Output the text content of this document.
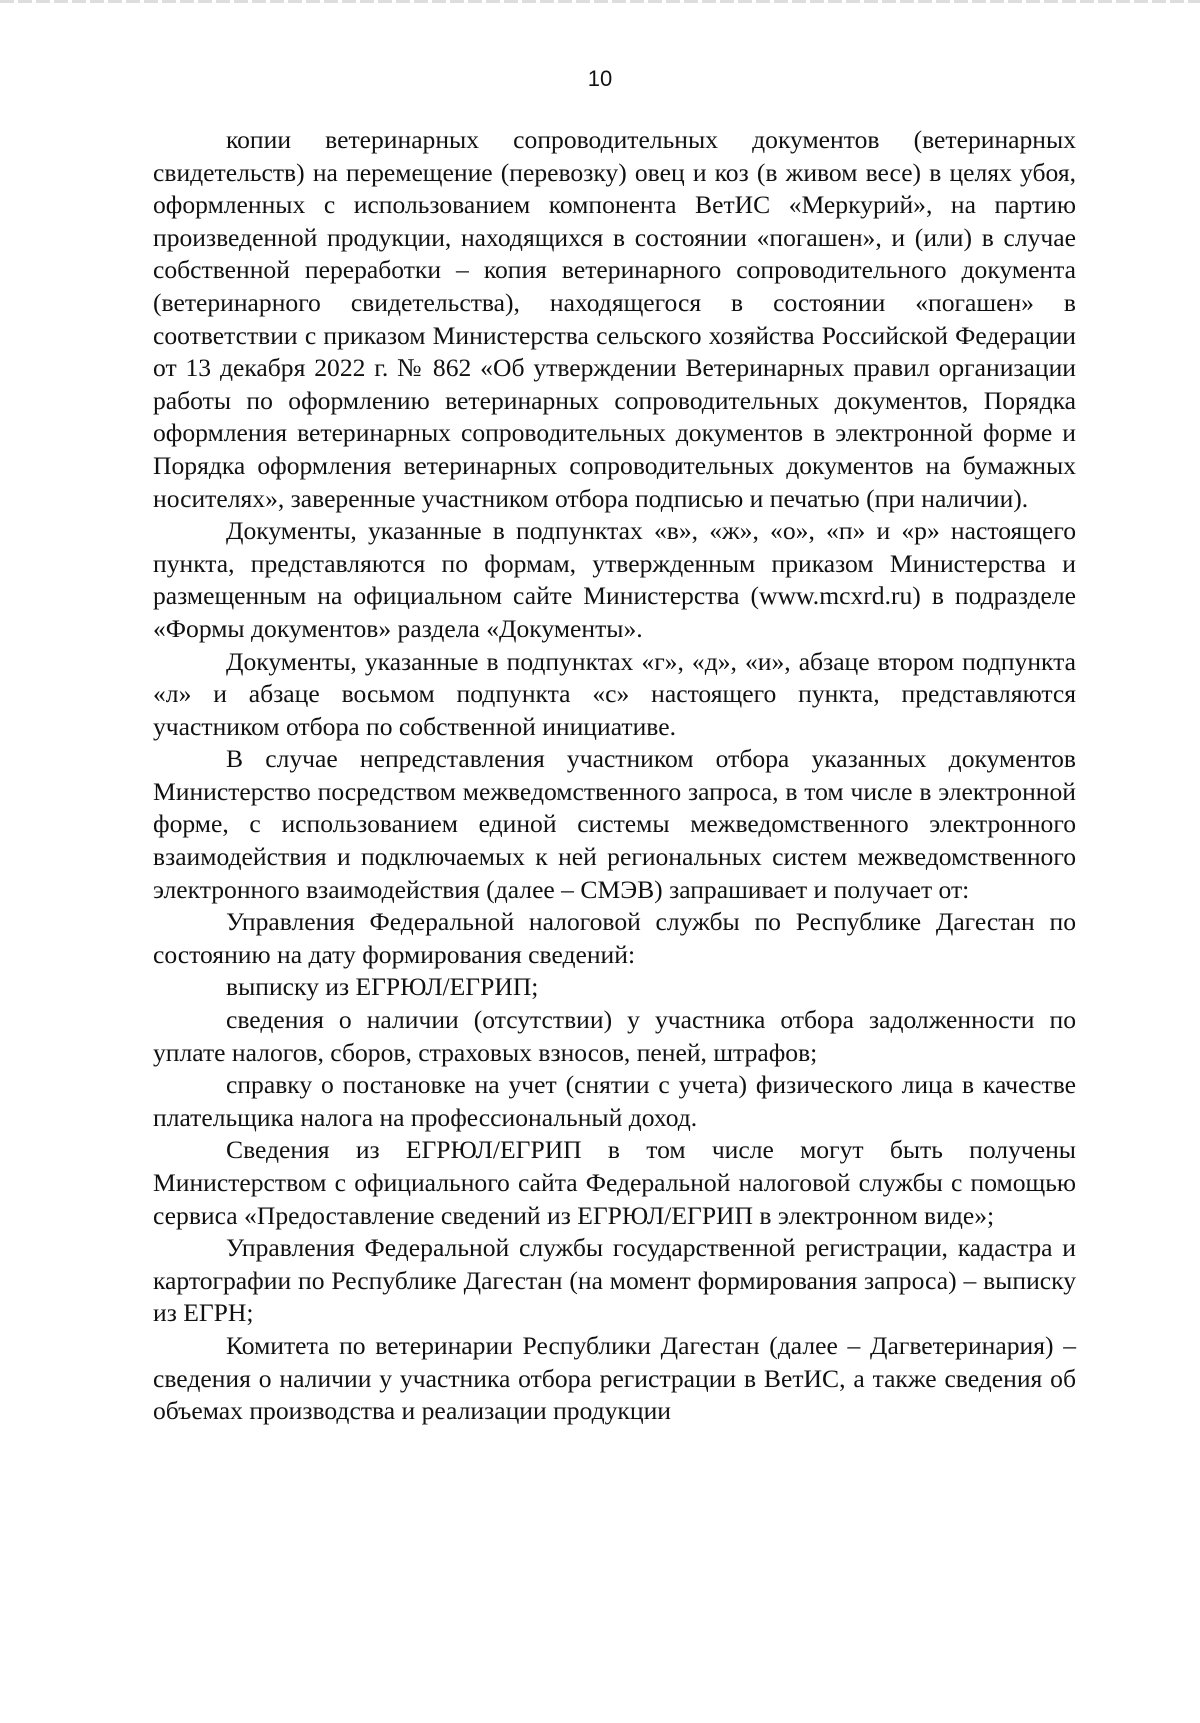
10

копии ветеринарных сопроводительных документов (ветеринарных свидетельств) на перемещение (перевозку) овец и коз (в живом весе) в целях убоя, оформленных с использованием компонента ВетИС «Меркурий», на партию произведенной продукции, находящихся в состоянии «погашен», и (или) в случае собственной переработки – копия ветеринарного сопроводительного документа (ветеринарного свидетельства), находящегося в состоянии «погашен» в соответствии с приказом Министерства сельского хозяйства Российской Федерации от 13 декабря 2022 г. № 862 «Об утверждении Ветеринарных правил организации работы по оформлению ветеринарных сопроводительных документов, Порядка оформления ветеринарных сопроводительных документов в электронной форме и Порядка оформления ветеринарных сопроводительных документов на бумажных носителях», заверенные участником отбора подписью и печатью (при наличии).

Документы, указанные в подпунктах «в», «ж», «о», «п» и «р» настоящего пункта, представляются по формам, утвержденным приказом Министерства и размещенным на официальном сайте Министерства (www.mcxrd.ru) в подразделе «Формы документов» раздела «Документы».

Документы, указанные в подпунктах «г», «д», «и», абзаце втором подпункта «л» и абзаце восьмом подпункта «с» настоящего пункта, представляются участником отбора по собственной инициативе.

В случае непредставления участником отбора указанных документов Министерство посредством межведомственного запроса, в том числе в электронной форме, с использованием единой системы межведомственного электронного взаимодействия и подключаемых к ней региональных систем межведомственного электронного взаимодействия (далее – СМЭВ) запрашивает и получает от:

Управления Федеральной налоговой службы по Республике Дагестан по состоянию на дату формирования сведений:

выписку из ЕГРЮЛ/ЕГРИП;

сведения о наличии (отсутствии) у участника отбора задолженности по уплате налогов, сборов, страховых взносов, пеней, штрафов;

справку о постановке на учет (снятии с учета) физического лица в качестве плательщика налога на профессиональный доход.

Сведения из ЕГРЮЛ/ЕГРИП в том числе могут быть получены Министерством с официального сайта Федеральной налоговой службы с помощью сервиса «Предоставление сведений из ЕГРЮЛ/ЕГРИП в электронном виде»;

Управления Федеральной службы государственной регистрации, кадастра и картографии по Республике Дагестан (на момент формирования запроса) – выписку из ЕГРН;

Комитета по ветеринарии Республики Дагестан (далее – Дагветеринария) – сведения о наличии у участника отбора регистрации в ВетИС, а также сведения об объемах производства и реализации продукции
